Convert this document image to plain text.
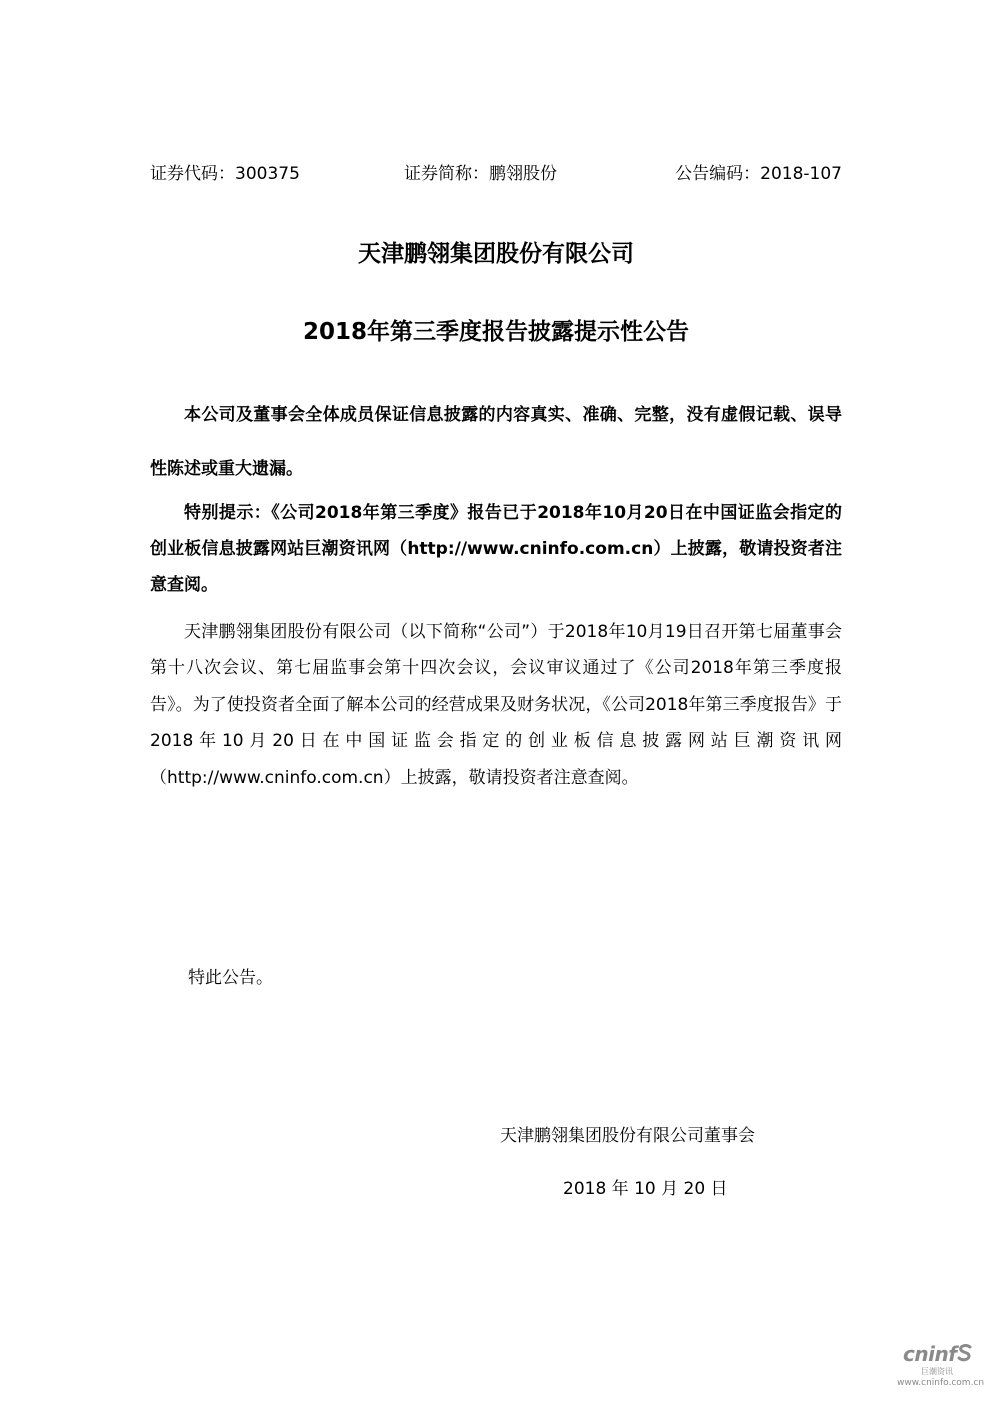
证券代码：300375	证券简称：鹏翎股份	公告编码：2018-107
天津鹏翎集团股份有限公司
2018年第三季度报告披露提示性公告

本公司及董事会全体成员保证信息披露的内容真实、准确、完整，没有虚假记载、误导性陈述或重大遗漏。

特别提示：《公司2018年第三季度》报告已于2018年10月20日在中国证监会指定的创业板信息披露网站巨潮资讯网（http://www.cninfo.com.cn）上披露，敬请投资者注意查阅。

天津鹏翎集团股份有限公司（以下简称“公司”）于2018年10月19日召开第七届董事会第十八次会议、第七届监事会第十四次会议，会议审议通过了《公司2018年第三季度报告》。为了使投资者全面了解本公司的经营成果及财务状况，《公司2018年第三季度报告》于2018年10月20日在中国证监会指定的创业板信息披露网站巨潮资讯网（http://www.cninfo.com.cn）上披露，敬请投资者注意查阅。

特此公告。
天津鹏翎集团股份有限公司董事会
2018 年 10 月 20 日
cninf
巨潮资讯
www.cninfo.com.cn
